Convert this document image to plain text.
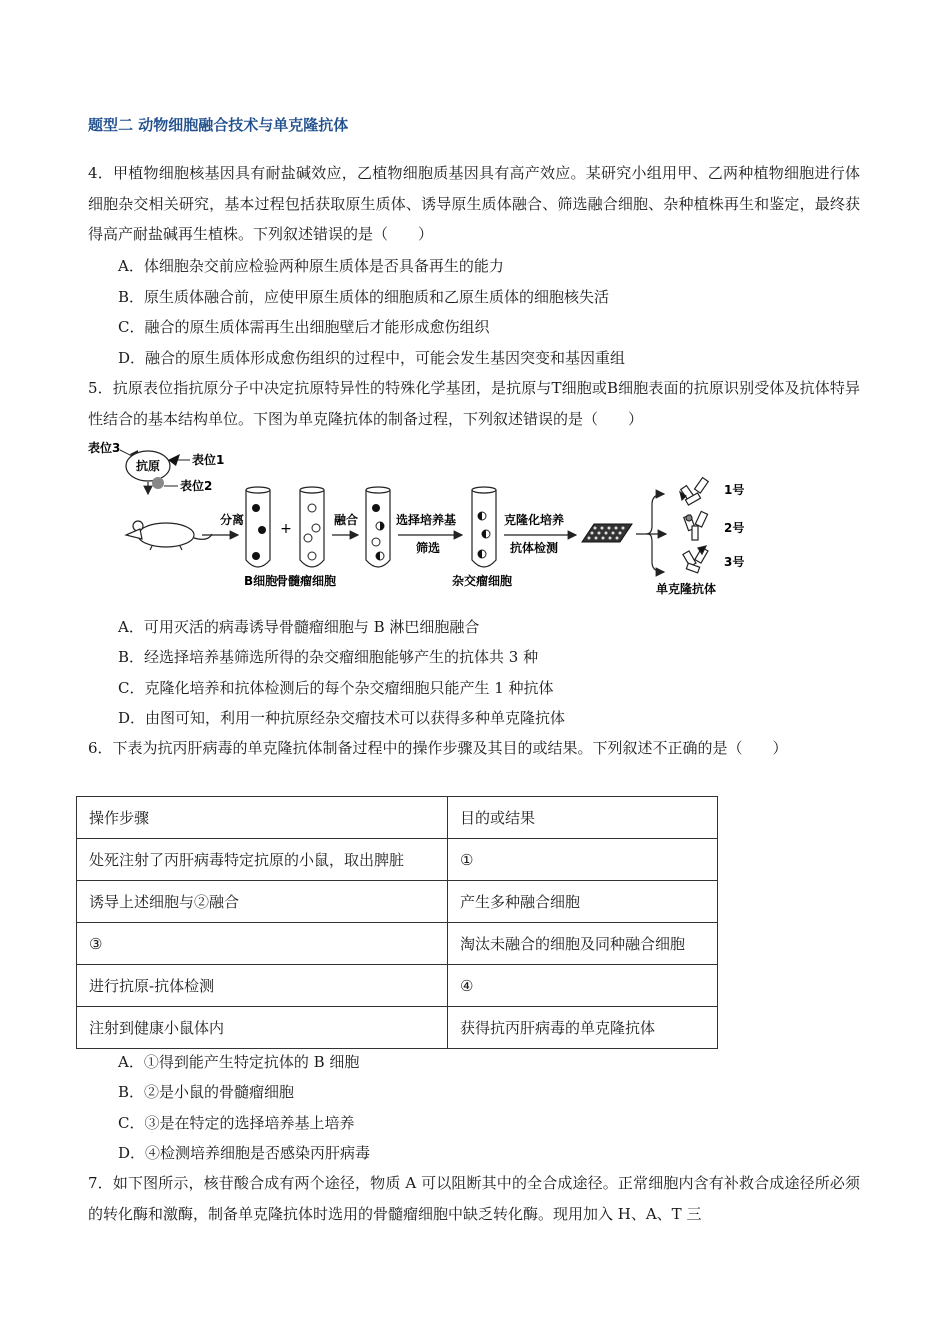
题型二 动物细胞融合技术与单克隆抗体
4．甲植物细胞核基因具有耐盐碱效应，乙植物细胞质基因具有高产效应。某研究小组用甲、乙两种植物细胞进行体细胞杂交相关研究，基本过程包括获取原生质体、诱导原生质体融合、筛选融合细胞、杂种植株再生和鉴定，最终获得高产耐盐碱再生植株。下列叙述错误的是（　　）
A．体细胞杂交前应检验两种原生质体是否具备再生的能力
B．原生质体融合前，应使甲原生质体的细胞质和乙原生质体的细胞核失活
C．融合的原生质体需再生出细胞壁后才能形成愈伤组织
D．融合的原生质体形成愈伤组织的过程中，可能会发生基因突变和基因重组
5．抗原表位指抗原分子中决定抗原特异性的特殊化学基团，是抗原与T细胞或B细胞表面的抗原识别受体及抗体特异性结合的基本结构单位。下图为单克隆抗体的制备过程，下列叙述错误的是（　　）
表位3
抗原	表位1
表位2
分离
+
B细胞
骨髓瘤细胞
融合	选择培养基
筛选
杂交瘤细胞
克隆化培养
抗体检测
1号
2号
3号
单克隆抗体
A．可用灭活的病毒诱导骨髓瘤细胞与 B 淋巴细胞融合
B．经选择培养基筛选所得的杂交瘤细胞能够产生的抗体共 3 种
C．克隆化培养和抗体检测后的每个杂交瘤细胞只能产生 1 种抗体
D．由图可知，利用一种抗原经杂交瘤技术可以获得多种单克隆抗体
6．下表为抗丙肝病毒的单克隆抗体制备过程中的操作步骤及其目的或结果。下列叙述不正确的是（　　）
操作步骤	目的或结果
处死注射了丙肝病毒特定抗原的小鼠，取出脾脏	①
诱导上述细胞与②融合	产生多种融合细胞
③	淘汰未融合的细胞及同种融合细胞
进行抗原-抗体检测	④
注射到健康小鼠体内	获得抗丙肝病毒的单克隆抗体
A．①得到能产生特定抗体的 B 细胞
B．②是小鼠的骨髓瘤细胞
C．③是在特定的选择培养基上培养
D．④检测培养细胞是否感染丙肝病毒
7．如下图所示，核苷酸合成有两个途径，物质 A 可以阻断其中的全合成途径。正常细胞内含有补救合成途径所必须的转化酶和激酶，制备单克隆抗体时选用的骨髓瘤细胞中缺乏转化酶。现用加入 H、A、T 三
